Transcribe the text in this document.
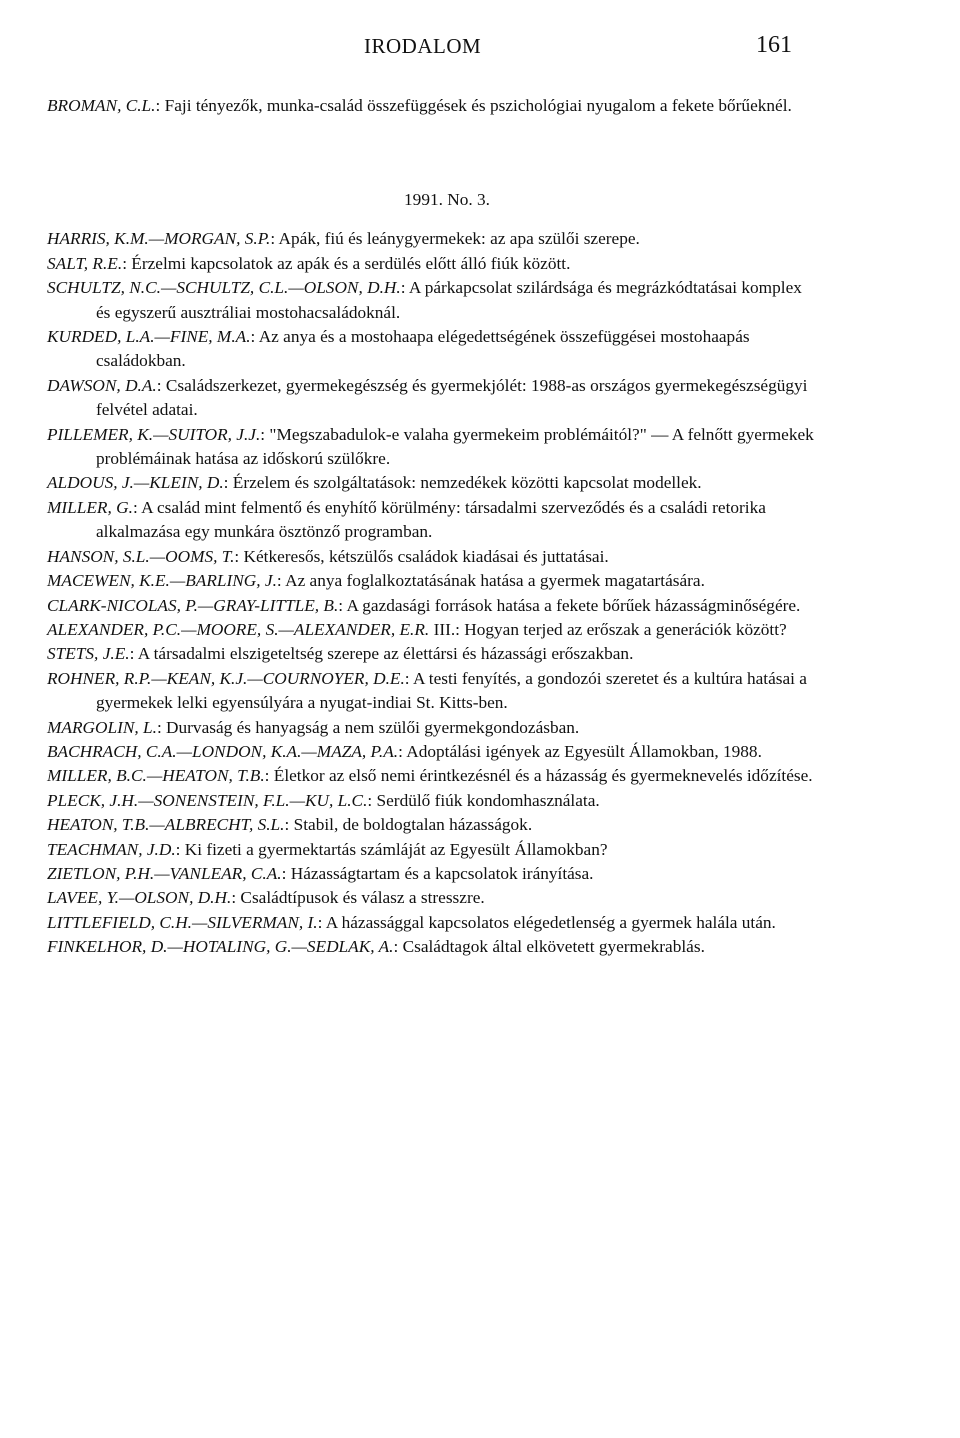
IRODALOM	161

BROMAN, C.L.: Faji tényezők, munka-család összefüggések és pszichológiai nyugalom a fekete bőrűeknél.

1991. No. 3.

HARRIS, K.M.—MORGAN, S.P.: Apák, fiú és leánygyermekek: az apa szülői szerepe.

SALT, R.E.: Érzelmi kapcsolatok az apák és a serdülés előtt álló fiúk között.

SCHULTZ, N.C.—SCHULTZ, C.L.—OLSON, D.H.: A párkapcsolat szilárdsága és megrázkódtatásai komplex és egyszerű ausztráliai mostohacsaládoknál.

KURDED, L.A.—FINE, M.A.: Az anya és a mostohaapa elégedettségének összefüggései mostohaapás családokban.

DAWSON, D.A.: Családszerkezet, gyermekegészség és gyermekjólét: 1988-as országos gyermekegészségügyi felvétel adatai.

PILLEMER, K.—SUITOR, J.J.: "Megszabadulok-e valaha gyermekeim problémáitól?" — A felnőtt gyermekek problémáinak hatása az időskorú szülőkre.

ALDOUS, J.—KLEIN, D.: Érzelem és szolgáltatások: nemzedékek közötti kapcsolat modellek.

MILLER, G.: A család mint felmentő és enyhítő körülmény: társadalmi szerveződés és a családi retorika alkalmazása egy munkára ösztönző programban.

HANSON, S.L.—OOMS, T.: Kétkeresős, kétszülős családok kiadásai és juttatásai.

MACEWEN, K.E.—BARLING, J.: Az anya foglalkoztatásának hatása a gyermek magatartására.

CLARK-NICOLAS, P.—GRAY-LITTLE, B.: A gazdasági források hatása a fekete bőrűek házasságminőségére.

ALEXANDER, P.C.—MOORE, S.—ALEXANDER, E.R. III.: Hogyan terjed az erőszak a generációk között?

STETS, J.E.: A társadalmi elszigeteltség szerepe az élettársi és házassági erőszakban.

ROHNER, R.P.—KEAN, K.J.—COURNOYER, D.E.: A testi fenyítés, a gondozói szeretet és a kultúra hatásai a gyermekek lelki egyensúlyára a nyugat-indiai St. Kitts-ben.

MARGOLIN, L.: Durvaság és hanyagság a nem szülői gyermekgondozásban.

BACHRACH, C.A.—LONDON, K.A.—MAZA, P.A.: Adoptálási igények az Egyesült Államokban, 1988.

MILLER, B.C.—HEATON, T.B.: Életkor az első nemi érintkezésnél és a házasság és gyermeknevelés időzítése.

PLECK, J.H.—SONENSTEIN, F.L.—KU, L.C.: Serdülő fiúk kondomhasználata.

HEATON, T.B.—ALBRECHT, S.L.: Stabil, de boldogtalan házasságok.

TEACHMAN, J.D.: Ki fizeti a gyermektartás számláját az Egyesült Államokban?

ZIETLON, P.H.—VANLEAR, C.A.: Házasságtartam és a kapcsolatok irányítása.

LAVEE, Y.—OLSON, D.H.: Családtípusok és válasz a stresszre.

LITTLEFIELD, C.H.—SILVERMAN, I.: A házassággal kapcsolatos elégedetlenség a gyermek halála után.

FINKELHOR, D.—HOTALING, G.—SEDLAK, A.: Családtagok által elkövetett gyermekrablás.
